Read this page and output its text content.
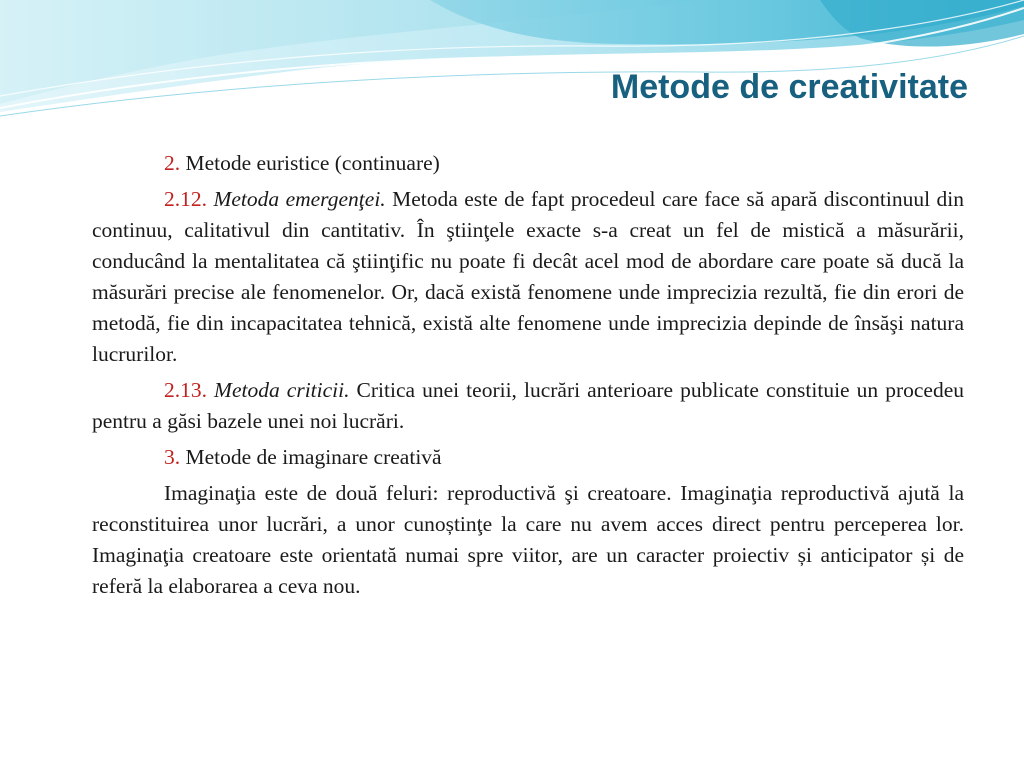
Metode de creativitate

2. Metode euristice (continuare)

2.12. Metoda emergenţei. Metoda este de fapt procedeul care face să apară discontinuul din continuu, calitativul din cantitativ. În ştiinţele exacte s-a creat un fel de mistică a măsurării, conducând la mentalitatea că ştiinţific nu poate fi decât acel mod de abordare care poate să ducă la măsurări precise ale fenomenelor. Or, dacă există fenomene unde imprecizia rezultă, fie din erori de metodă, fie din incapacitatea tehnică, există alte fenomene unde imprecizia depinde de însăşi natura lucrurilor.

2.13. Metoda criticii. Critica unei teorii, lucrări anterioare publicate constituie un procedeu pentru a găsi bazele unei noi lucrări.

3. Metode de imaginare creativă

Imaginaţia este de două feluri: reproductivă şi creatoare. Imaginaţia reproductivă ajută la reconstituirea unor lucrări, a unor cunoștinţe la care nu avem acces direct pentru perceperea lor. Imaginaţia creatoare este orientată numai spre viitor, are un caracter proiectiv și anticipator și de referă la elaborarea a ceva nou.
